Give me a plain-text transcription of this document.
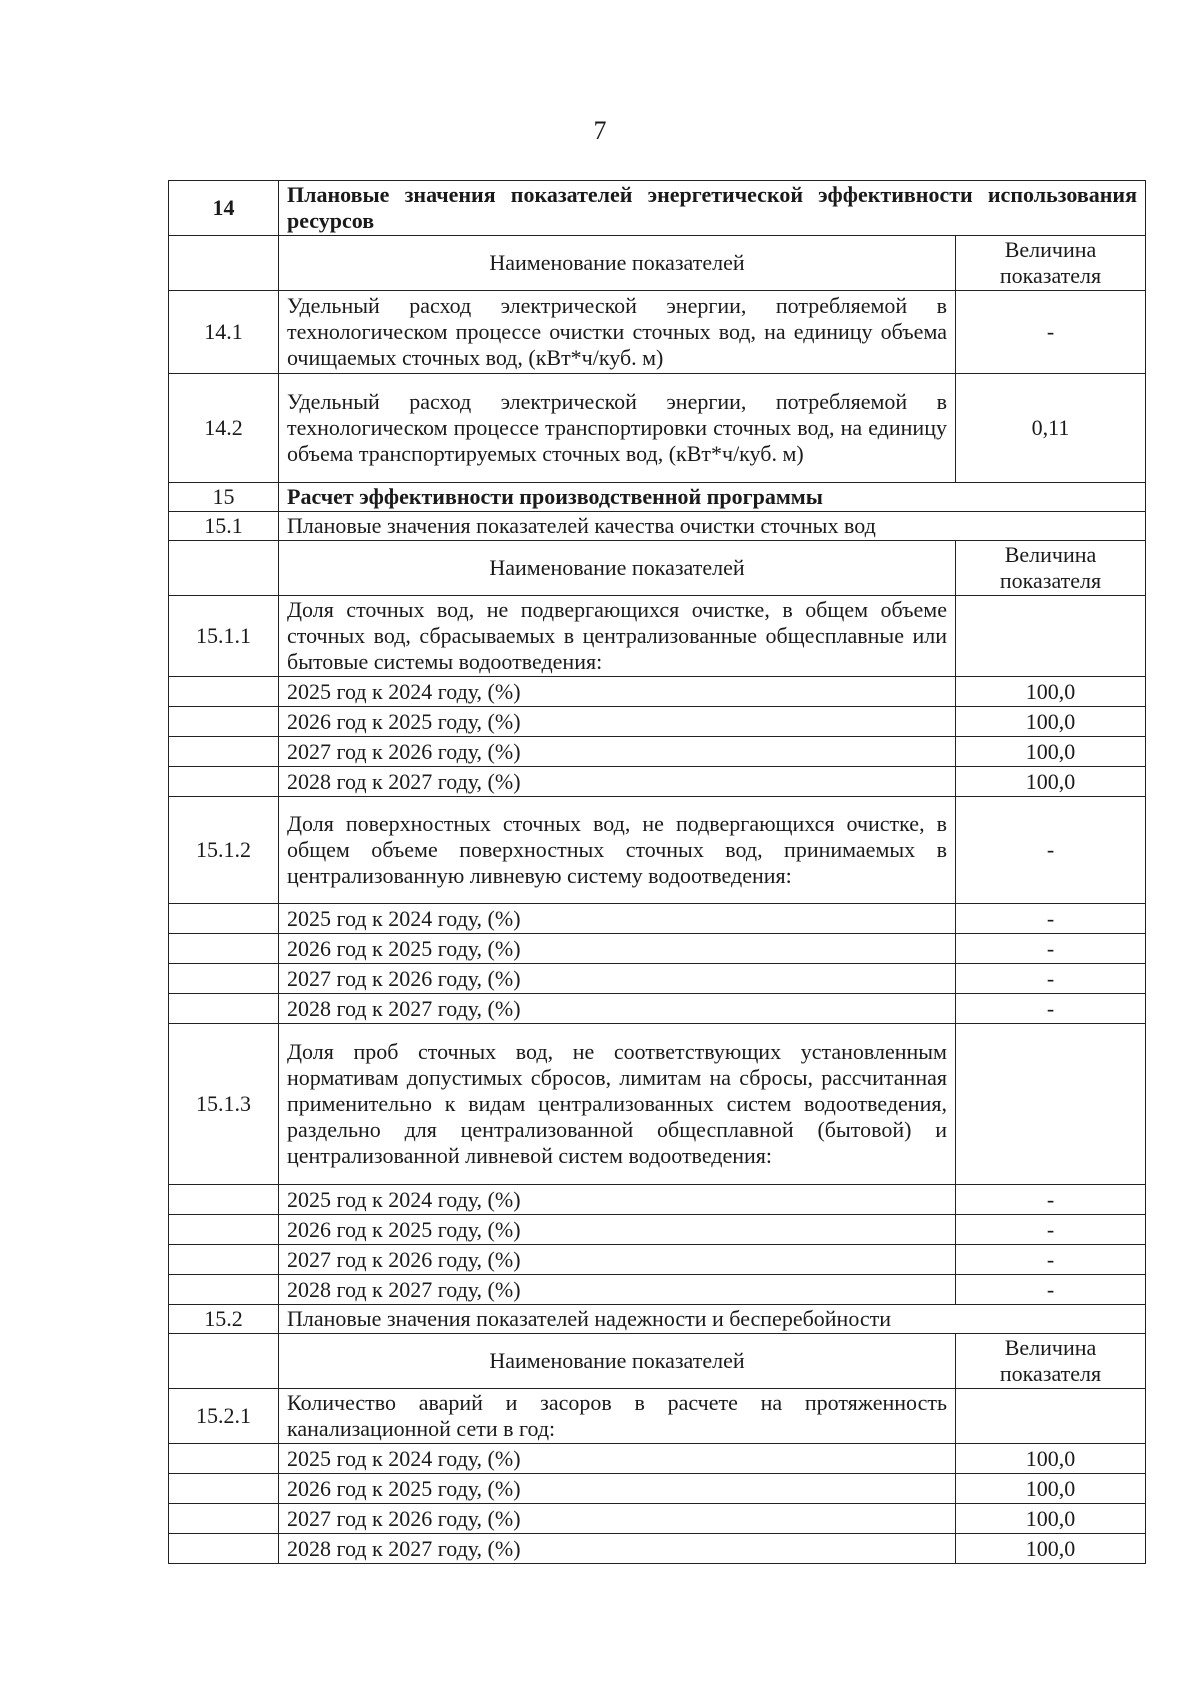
7
14	Плановые значения показателей энергетической эффективности использования ресурсов	
	Наименование показателей	Величина показателя
14.1	Удельный расход электрической энергии, потребляемой в технологическом процессе очистки сточных вод, на единицу объема очищаемых сточных вод, (кВт*ч/куб. м)	-
14.2	Удельный расход электрической энергии, потребляемой в технологическом процессе транспортировки сточных вод, на единицу объема транспортируемых сточных вод, (кВт*ч/куб. м)	0,11
15	Расчет эффективности производственной программы	
15.1	Плановые значения показателей качества очистки сточных вод	
	Наименование показателей	Величина показателя
15.1.1	Доля сточных вод, не подвергающихся очистке, в общем объеме сточных вод, сбрасываемых в централизованные общесплавные или бытовые системы водоотведения:	
	2025 год к 2024 году, (%)	100,0
	2026 год к 2025 году, (%)	100,0
	2027 год к 2026 году, (%)	100,0
	2028 год к 2027 году, (%)	100,0
15.1.2	Доля поверхностных сточных вод, не подвергающихся очистке, в общем объеме поверхностных сточных вод, принимаемых в централизованную ливневую систему водоотведения:	-
	2025 год к 2024 году, (%)	-
	2026 год к 2025 году, (%)	-
	2027 год к 2026 году, (%)	-
	2028 год к 2027 году, (%)	-
15.1.3	Доля проб сточных вод, не соответствующих установленным нормативам допустимых сбросов, лимитам на сбросы, рассчитанная применительно к видам централизованных систем водоотведения, раздельно для централизованной общесплавной (бытовой) и централизованной ливневой систем водоотведения:	
	2025 год к 2024 году, (%)	-
	2026 год к 2025 году, (%)	-
	2027 год к 2026 году, (%)	-
	2028 год к 2027 году, (%)	-
15.2	Плановые значения показателей надежности и бесперебойности	
	Наименование показателей	Величина показателя
15.2.1	Количество аварий и засоров в расчете на протяженность канализационной сети в год:	
	2025 год к 2024 году, (%)	100,0
	2026 год к 2025 году, (%)	100,0
	2027 год к 2026 году, (%)	100,0
	2028 год к 2027 году, (%)	100,0
